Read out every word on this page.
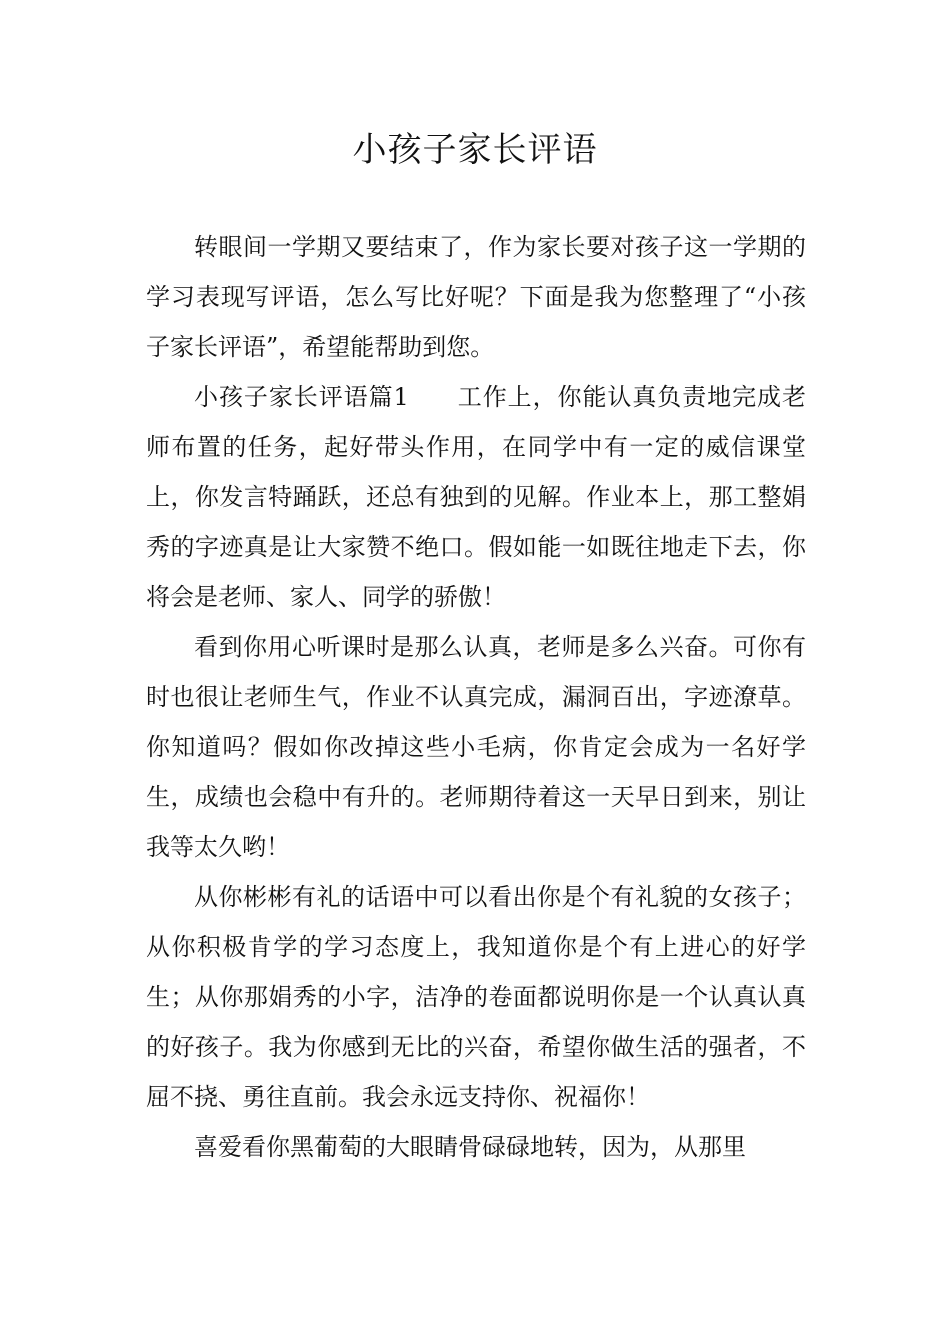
小孩子家长评语

转眼间一学期又要结束了，作为家长要对孩子这一学期的学习表现写评语，怎么写比好呢？下面是我为您整理了“小孩子家长评语”，希望能帮助到您。

小孩子家长评语篇1 工作上，你能认真负责地完成老师布置的任务，起好带头作用，在同学中有一定的威信课堂上，你发言特踊跃，还总有独到的见解。作业本上，那工整娟秀的字迹真是让大家赞不绝口。假如能一如既往地走下去，你将会是老师、家人、同学的骄傲！

看到你用心听课时是那么认真，老师是多么兴奋。可你有时也很让老师生气，作业不认真完成，漏洞百出，字迹潦草。你知道吗？假如你改掉这些小毛病，你肯定会成为一名好学生，成绩也会稳中有升的。老师期待着这一天早日到来，别让我等太久哟！

从你彬彬有礼的话语中可以看出你是个有礼貌的女孩子；从你积极肯学的学习态度上，我知道你是个有上进心的好学生；从你那娟秀的小字，洁净的卷面都说明你是一个认真认真的好孩子。我为你感到无比的兴奋，希望你做生活的强者，不屈不挠、勇往直前。我会永远支持你、祝福你！

喜爱看你黑葡萄的大眼睛骨碌碌地转，因为，从那里
